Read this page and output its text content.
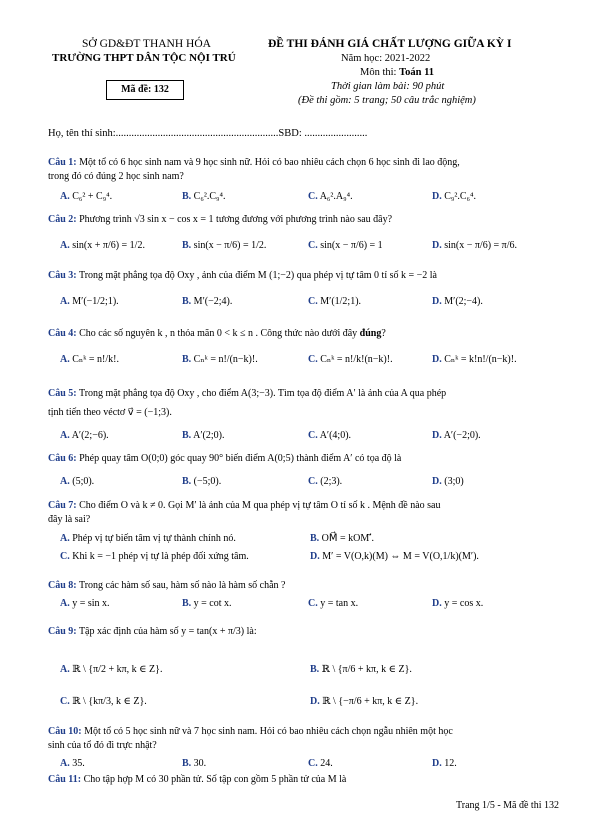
SỞ GD&ĐT THANH HÓA
TRƯỜNG THPT DÂN TỘC NỘI TRÚ
Mã đề: 132
ĐỀ THI ĐÁNH GIÁ CHẤT LƯỢNG GIỮA KỲ I
Năm học: 2021-2022
Môn thi: Toán 11
Thời gian làm bài: 90 phút
(Đề thi gồm: 5 trang; 50 câu trắc nghiệm)
Họ, tên thí sinh:..............................................................SBD: ........................
Câu 1: Một tổ có 6 học sinh nam và 9 học sinh nữ. Hỏi có bao nhiêu cách chọn 6 học sinh đi lao động,
trong đó có đúng 2 học sinh nam?
A. C₆² + C₉⁴.	B. C₆².C₉⁴.	C. A₆².A₉⁴.	D. C₉².C₆⁴.
Câu 2: Phương trình √3 sin x − cos x = 1 tương đương với phương trình nào sau đây?
A. sin(x + π/6) = 1/2.	B. sin(x − π/6) = 1/2.	C. sin(x − π/6) = 1	D. sin(x − π/6) = π/6.
Câu 3: Trong mặt phẳng tọa độ Oxy , ảnh của điểm M (1;−2) qua phép vị tự tâm 0 tỉ số k = −2 là
A. M′(−1/2;1).	B. M′(−2;4).	C. M′(1/2;1).	D. M′(2;−4).
Câu 4: Cho các số nguyên k , n thỏa mãn 0 < k ≤ n . Công thức nào dưới đây đúng?
A. Cₙᵏ = n!/k!.	B. Cₙᵏ = n!/(n−k)!.	C. Cₙᵏ = n!/k!(n−k)!.	D. Cₙᵏ = k!n!/(n−k)!.
Câu 5: Trong mặt phẳng tọa độ Oxy , cho điểm A(3;−3). Tìm tọa độ điểm A′ là ảnh của A qua phép
tịnh tiến theo véctơ v⃗ = (−1;3).
A. A′(2;−6).	B. A′(2;0).	C. A′(4;0).	D. A′(−2;0).
Câu 6: Phép quay tâm O(0;0) góc quay 90° biến điểm A(0;5) thành điểm A′ có tọa độ là
A. (5;0).	B. (−5;0).	C. (2;3).	D. (3;0)
Câu 7: Cho điểm O và k ≠ 0. Gọi M′ là ảnh của M qua phép vị tự tâm O tỉ số k . Mệnh đề nào sau
đây là sai?
A. Phép vị tự biến tâm vị tự thành chính nó.	B. OM⃗ = kOM′⃗.
C. Khi k = −1 phép vị tự là phép đối xứng tâm.	D. M′ = V(O,k)(M) ⇔ M = V(O,1/k)(M′).
Câu 8: Trong các hàm số sau, hàm số nào là hàm số chẵn ?
A. y = sin x.	B. y = cot x.	C. y = tan x.	D. y = cos x.
Câu 9: Tập xác định của hàm số y = tan(x + π/3) là:
A. ℝ \ {π/2 + kπ, k ∈ Z}.	B. ℝ \ {π/6 + kπ, k ∈ Z}.
C. ℝ \ {kπ/3, k ∈ Z}.	D. ℝ \ {−π/6 + kπ, k ∈ Z}.
Câu 10: Một tổ có 5 học sinh nữ và 7 học sinh nam. Hỏi có bao nhiêu cách chọn ngẫu nhiên một học
sinh của tổ đó đi trực nhật?
A. 35.	B. 30.	C. 24.	D. 12.
Câu 11: Cho tập hợp M có 30 phần tử. Số tập con gồm 5 phần tử của M là
Trang 1/5 - Mã đề thi 132
